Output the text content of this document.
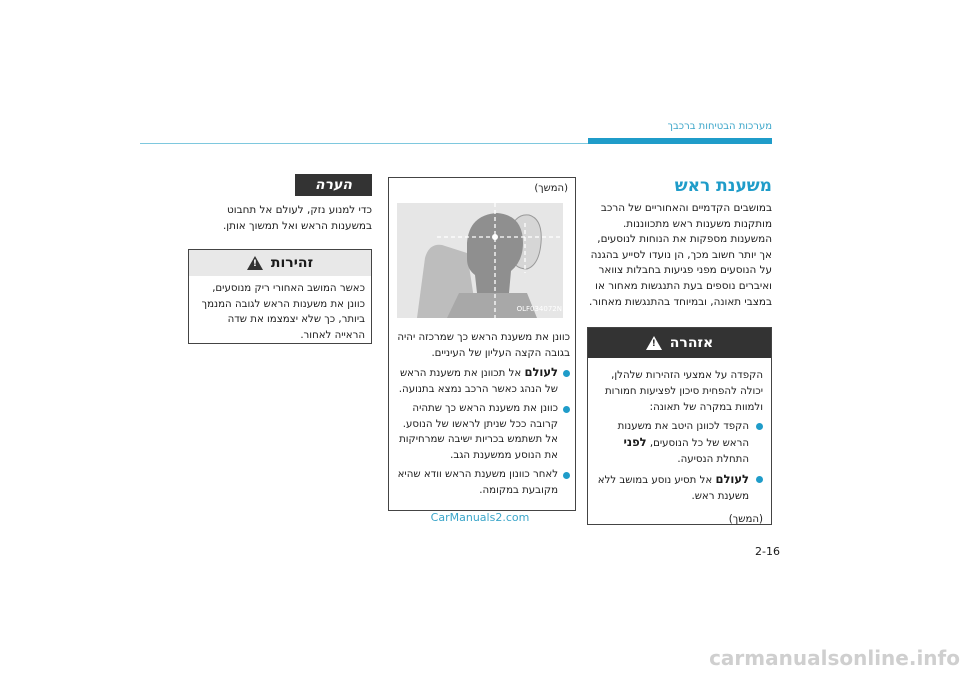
מערכות הבטיחות ברכבך
משענת ראש
במושבים הקדמיים והאחוריים של הרכב מותקנות משענות ראש מתכווננות. המשענות מספקות את הנוחות לנוסעים, אך יותר חשוב מכך, הן נועדו לסייע בהגנה על הנוסעים מפני פגיעות בחבלות צוואר ואיברים נוספים בעת התנגשות מאחור או במצבי תאונה, ובמיוחד בהתנגשות מאחור.
אזהרה
!
הקפדה על אמצעי הזהירות שלהלן, יכולה להפחית סיכון לפציעות חמורות ולמוות במקרה של תאונה:
הקפד לכוונן היטב את משענות הראש של כל הנוסעים, לפני התחלת הנסיעה.
לעולם אל תסיע נוסע במושב ללא משענת ראש.
(המשך)
(המשך)
OLF034072N
כוונן את משענת הראש כך שמרכזה יהיה בגובה הקצה העליון של העיניים.
לעולם אל תכוונן את משענת הראש של הנהג כאשר הרכב נמצא בתנועה.
כוונן את משענת הראש כך שתהיה קרובה ככל שניתן לראשו של הנוסע. אל תשתמש בכריות ישיבה שמרחיקות את הנוסע ממשענת הגב.
לאחר כוונון משענת הראש וודא שהיא מקובעת במקומה.
הערה
כדי למנוע נזק, לעולם אל תחבוט במשענות הראש ואל תמשוך אותן.
זהירות
!
כאשר המושב האחורי ריק מנוסעים, כוונן את משענות הראש לגובה המנמך ביותר, כך שלא יצמצמו את שדה הראייה לאחור.
CarManuals2.com
2-16
carmanualsonline.info
